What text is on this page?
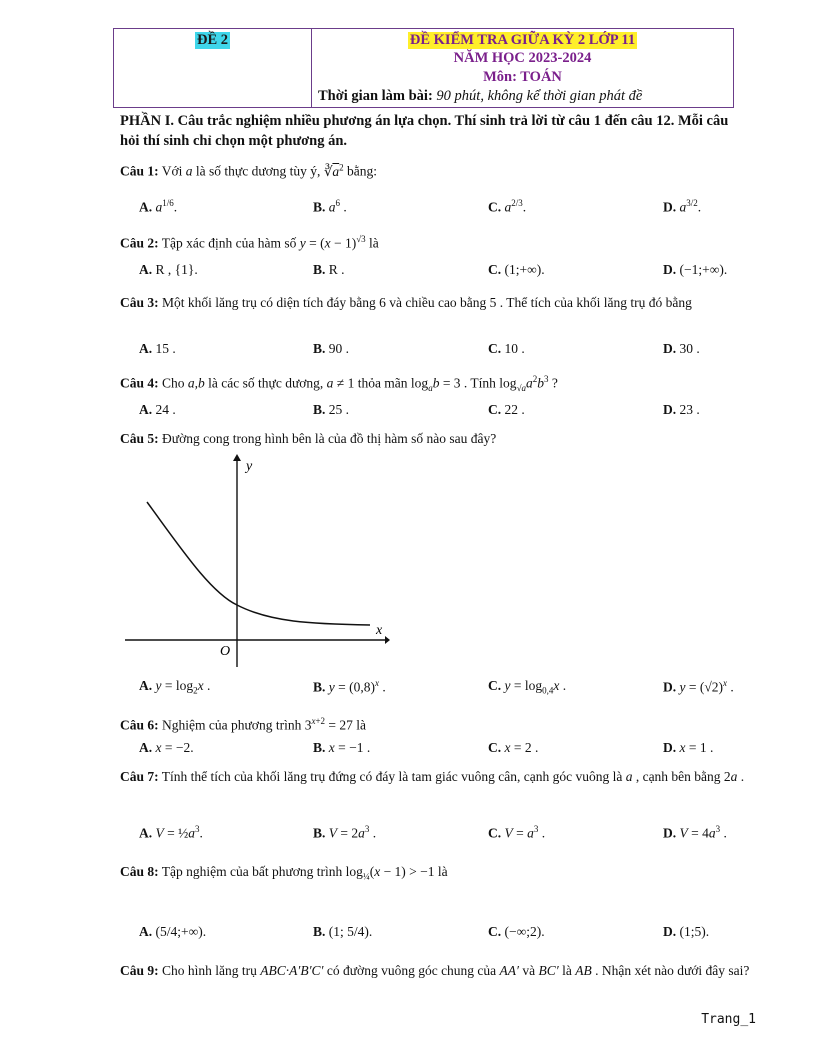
ĐỀ 2	ĐỀ KIỂM TRA GIỮA KỲ 2 LỚP 11
NĂM HỌC 2023-2024
Môn: TOÁN
Thời gian làm bài: 90 phút, không kể thời gian phát đề
PHẦN I. Câu trắc nghiệm nhiều phương án lựa chọn. Thí sinh trả lời từ câu 1 đến câu 12. Mỗi câu hỏi thí sinh chỉ chọn một phương án.
Câu 1: Với a là số thực dương tùy ý, $∛\overline{a}^2$ bằng:
A. $a^{1/6}$.	B. $a^6$ .	C. $a^{2/3}$.	D. $a^{3/2}$.
Câu 2: Tập xác định của hàm số $y = (x - 1)^{√3}$ là
A. R , {1}.	B. R .	C. (1;+∞).	D. (−1;+∞).
Câu 3: Một khối lăng trụ có diện tích đáy bằng 6 và chiều cao bằng 5 . Thể tích của khối lăng trụ đó bằng
A. 15 .	B. 90 .	C. 10 .	D. 30 .
Câu 4: Cho a,b là các số thực dương, a ≠ 1 thỏa mãn $\log_ab = 3$ . Tính $\log_{√a}a^2b^3$ ?
A. 24 .	B. 25 .	C. 22 .	D. 23 .
Câu 5: Đường cong trong hình bên là của đồ thị hàm số nào sau đây?
y
x
O
A. $y = \log_2x$ .	B. $y = (0,8)^x$ .	C. $y = \log_{0,4}x$ .	D. $y = (√2)^x$ .
Câu 6: Nghiệm của phương trình $3^{x+2} = 27$ là
A. x = −2.	B. x = −1 .	C. x = 2 .	D. x = 1 .
Câu 7: Tính thể tích của khối lăng trụ đứng có đáy là tam giác vuông cân, cạnh góc vuông là a , cạnh bên bằng 2a .
A. $V = \frac{1}{2}a^3$.	B. $V = 2a^3$ .	C. $V = a^3$ .	D. $V = 4a^3$ .
Câu 8: Tập nghiệm của bất phương trình $\log_{\frac{1}{4}}(x - 1) > -1$ là
A. (5/4;+∞).	B. (1; 5/4).	C. (−∞;2).	D. (1;5).
Câu 9: Cho hình lăng trụ ABC·A′B′C′ có đường vuông góc chung của AA′ và BC′ là AB . Nhận xét nào dưới đây sai?
Trang_1
